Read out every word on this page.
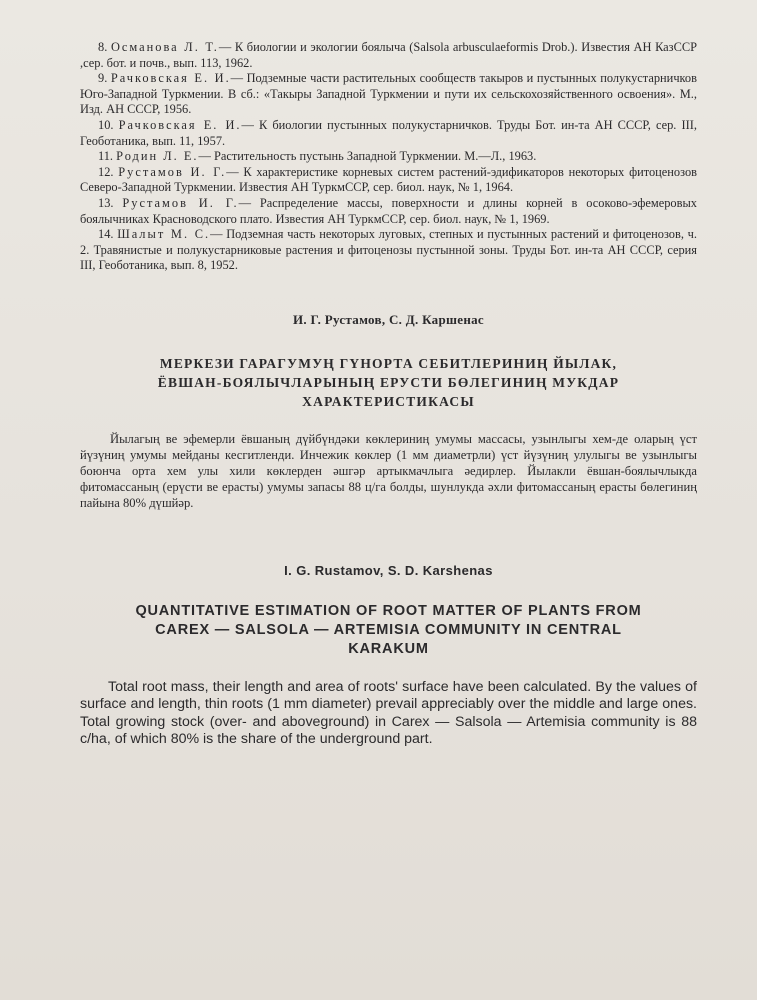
8. Османова Л. Т.— К биологии и экологии боялыча (Salsola arbusculaeformis Drob.). Известия АН КазССР ,сер. бот. и почв., вып. 113, 1962.

9. Рачковская Е. И.— Подземные части растительных сообществ такыров и пустынных полукустарничков Юго-Западной Туркмении. В сб.: «Такыры Западной Туркмении и пути их сельскохозяйственного освоения». М., Изд. АН СССР, 1956.

10. Рачковская Е. И.— К биологии пустынных полукустарничков. Труды Бот. ин-та АН СССР, сер. III, Геоботаника, вып. 11, 1957.

11. Родин Л. Е.— Растительность пустынь Западной Туркмении. М.—Л., 1963.

12. Рустамов И. Г.— К характеристике корневых систем растений-эдификаторов некоторых фитоценозов Северо-Западной Туркмении. Известия АН ТуркмССР, сер. биол. наук, № 1, 1964.

13. Рустамов И. Г.— Распределение массы, поверхности и длины корней в осоково-эфемеровых боялычниках Красноводского плато. Известия АН ТуркмССР, сер. биол. наук, № 1, 1969.

14. Шалыт М. С.— Подземная часть некоторых луговых, степных и пустынных растений и фитоценозов, ч. 2. Травянистые и полукустарниковые растения и фитоценозы пустынной зоны. Труды Бот. ин-та АН СССР, серия III, Геоботаника, вып. 8, 1952.

И. Г. Рустамов, С. Д. Каршенас
МЕРКЕЗИ ГАРАГУМУҢ ГҮНОРТА СЕБИТЛЕРИНИҢ ЙЫЛАК,
ЁВШАН-БОЯЛЫЧЛАРЫНЫҢ ЕРУСТИ БӨЛЕГИНИҢ МУКДАР
ХАРАКТЕРИСТИКАСЫ

Йылагың ве эфемерли ёвшаның дүйбүндәки көклериниң умумы массасы, узынлыгы хем-де оларың үст йүзүниң умумы мейданы кесгитленди. Инчежик көклер (1 мм диаметрли) үст йүзүниң улулыгы ве узынлыгы боюнча орта хем улы хили көклерден әшгәр артыкмачлыга әедирлер. Йылакли ёвшан-боялычлыкда фитомассаның (ерүсти ве ерасты) умумы запасы 88 ц/га болды, шунлукда әхли фитомассаның ерасты бөлегиниң пайына 80% дүшйәр.

I. G. Rustamov, S. D. Karshenas
QUANTITATIVE ESTIMATION OF ROOT MATTER OF PLANTS FROM
CAREX — SALSOLA — ARTEMISIA COMMUNITY IN CENTRAL
KARAKUM

Total root mass, their length and area of roots' surface have been calculated. By the values of surface and length, thin roots (1 mm diameter) prevail appreciably over the middle and large ones. Total growing stock (over- and aboveground) in Carex — Salsola — Artemisia community is 88 c/ha, of which 80% is the share of the underground part.
